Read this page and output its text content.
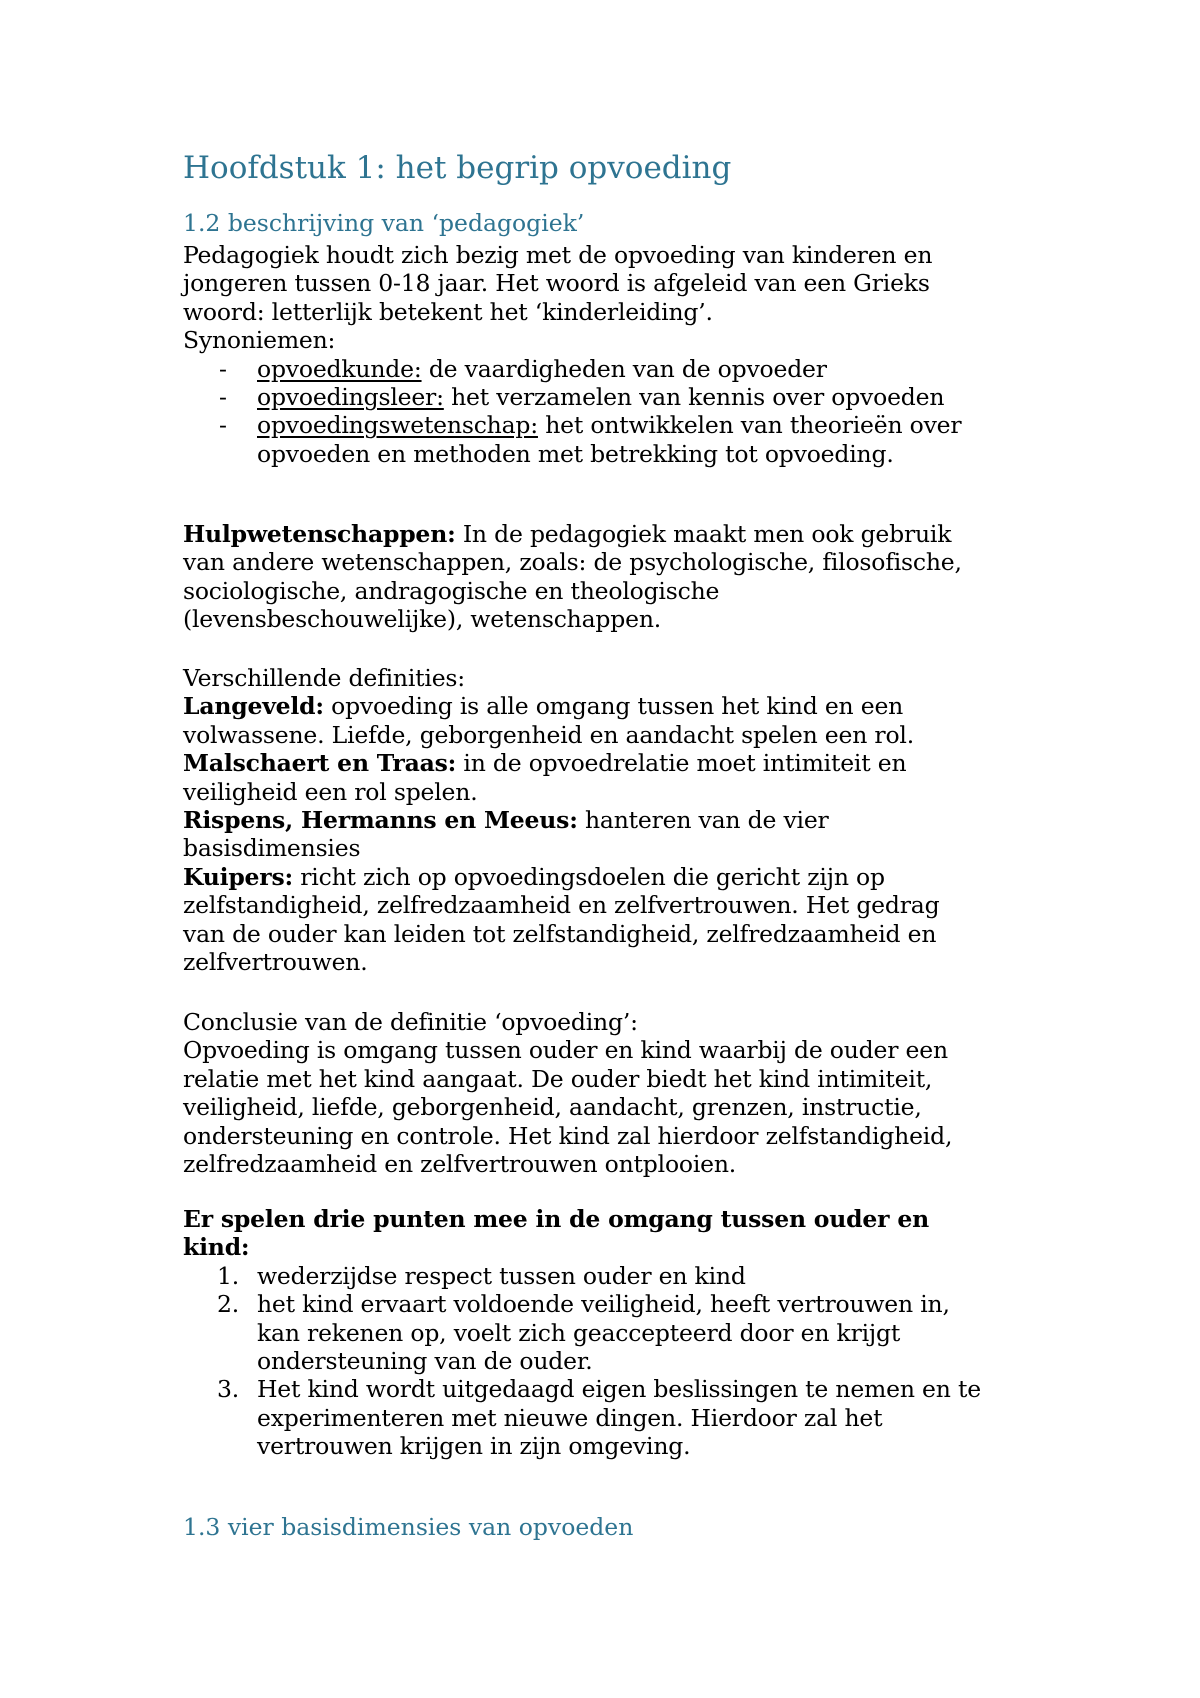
Hoofdstuk 1: het begrip opvoeding
1.2 beschrijving van ‘pedagogiek’
Pedagogiek houdt zich bezig met de opvoeding van kinderen en
jongeren tussen 0-18 jaar. Het woord is afgeleid van een Grieks
woord: letterlijk betekent het ‘kinderleiding’.
Synoniemen:
- opvoedkunde: de vaardigheden van de opvoeder
- opvoedingsleer: het verzamelen van kennis over opvoeden
- opvoedingswetenschap: het ontwikkelen van theorieën over
opvoeden en methoden met betrekking tot opvoeding.
Hulpwetenschappen: In de pedagogiek maakt men ook gebruik
van andere wetenschappen, zoals: de psychologische, filosofische,
sociologische, andragogische en theologische
(levensbeschouwelijke), wetenschappen.
Verschillende definities:
Langeveld: opvoeding is alle omgang tussen het kind en een
volwassene. Liefde, geborgenheid en aandacht spelen een rol.
Malschaert en Traas: in de opvoedrelatie moet intimiteit en
veiligheid een rol spelen.
Rispens, Hermanns en Meeus: hanteren van de vier
basisdimensies
Kuipers: richt zich op opvoedingsdoelen die gericht zijn op
zelfstandigheid, zelfredzaamheid en zelfvertrouwen. Het gedrag
van de ouder kan leiden tot zelfstandigheid, zelfredzaamheid en
zelfvertrouwen.
Conclusie van de definitie ‘opvoeding’:
Opvoeding is omgang tussen ouder en kind waarbij de ouder een
relatie met het kind aangaat. De ouder biedt het kind intimiteit,
veiligheid, liefde, geborgenheid, aandacht, grenzen, instructie,
ondersteuning en controle. Het kind zal hierdoor zelfstandigheid,
zelfredzaamheid en zelfvertrouwen ontplooien.
Er spelen drie punten mee in de omgang tussen ouder en
kind:
1. wederzijdse respect tussen ouder en kind
2. het kind ervaart voldoende veiligheid, heeft vertrouwen in,
kan rekenen op, voelt zich geaccepteerd door en krijgt
ondersteuning van de ouder.
3. Het kind wordt uitgedaagd eigen beslissingen te nemen en te
experimenteren met nieuwe dingen. Hierdoor zal het
vertrouwen krijgen in zijn omgeving.
1.3 vier basisdimensies van opvoeden
